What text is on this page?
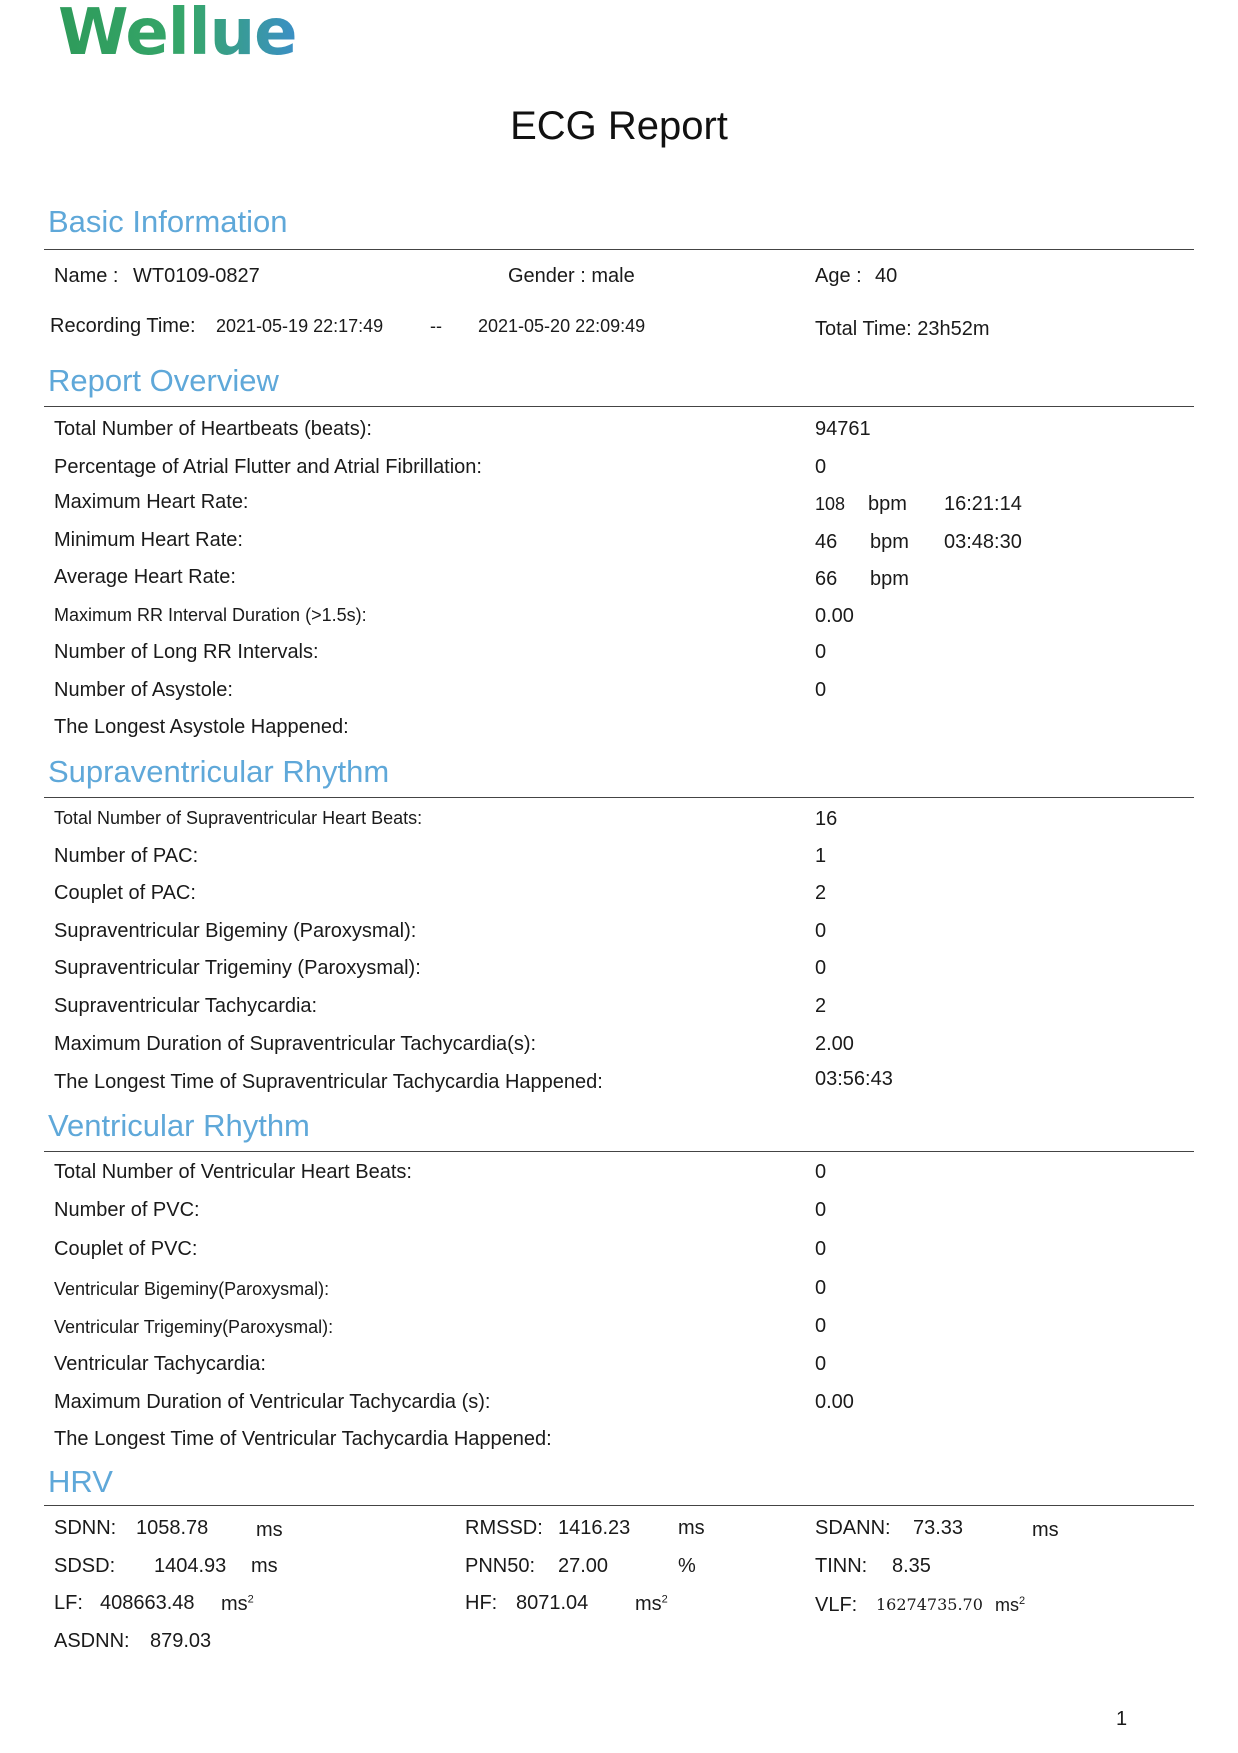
Wellue
ECG Report
Basic Information
Name : WT0109-0827	Gender : male	Age : 40
Recording Time: 2021-05-19 22:17:49	-- 2021-05-20 22:09:49	Total Time: 23h52m
Report Overview
Total Number of Heartbeats (beats):	94761
Percentage of Atrial Flutter and Atrial Fibrillation:	0
Maximum Heart Rate:	108 bpm 16:21:14
Minimum Heart Rate:	46 bpm 03:48:30
Average Heart Rate:	66 bpm
Maximum RR Interval Duration (>1.5s):	0.00
Number of Long RR Intervals:	0
Number of Asystole:	0
The Longest Asystole Happened:
Supraventricular Rhythm
Total Number of Supraventricular Heart Beats:	16
Number of PAC:	1
Couplet of PAC:	2
Supraventricular Bigeminy (Paroxysmal):	0
Supraventricular Trigeminy (Paroxysmal):	0
Supraventricular Tachycardia:	2
Maximum Duration of Supraventricular Tachycardia(s):	2.00
The Longest Time of Supraventricular Tachycardia Happened:	03:56:43
Ventricular Rhythm
Total Number of Ventricular Heart Beats:	0
Number of PVC:	0
Couplet of PVC:	0
Ventricular Bigeminy(Paroxysmal):	0
Ventricular Trigeminy(Paroxysmal):	0
Ventricular Tachycardia:	0
Maximum Duration of Ventricular Tachycardia (s):	0.00
The Longest Time of Ventricular Tachycardia Happened:
HRV
SDNN: 1058.78 ms	RMSSD: 1416.23 ms	SDANN: 73.33	ms
SDSD: 1404.93 ms	PNN50: 27.00	%	TINN: 8.35
LF: 408663.48 $ms^2$	HF: 8071.04 $ms^2$	VLF: 16274735.70 $ms^2$
ASDNN: 879.03
1
